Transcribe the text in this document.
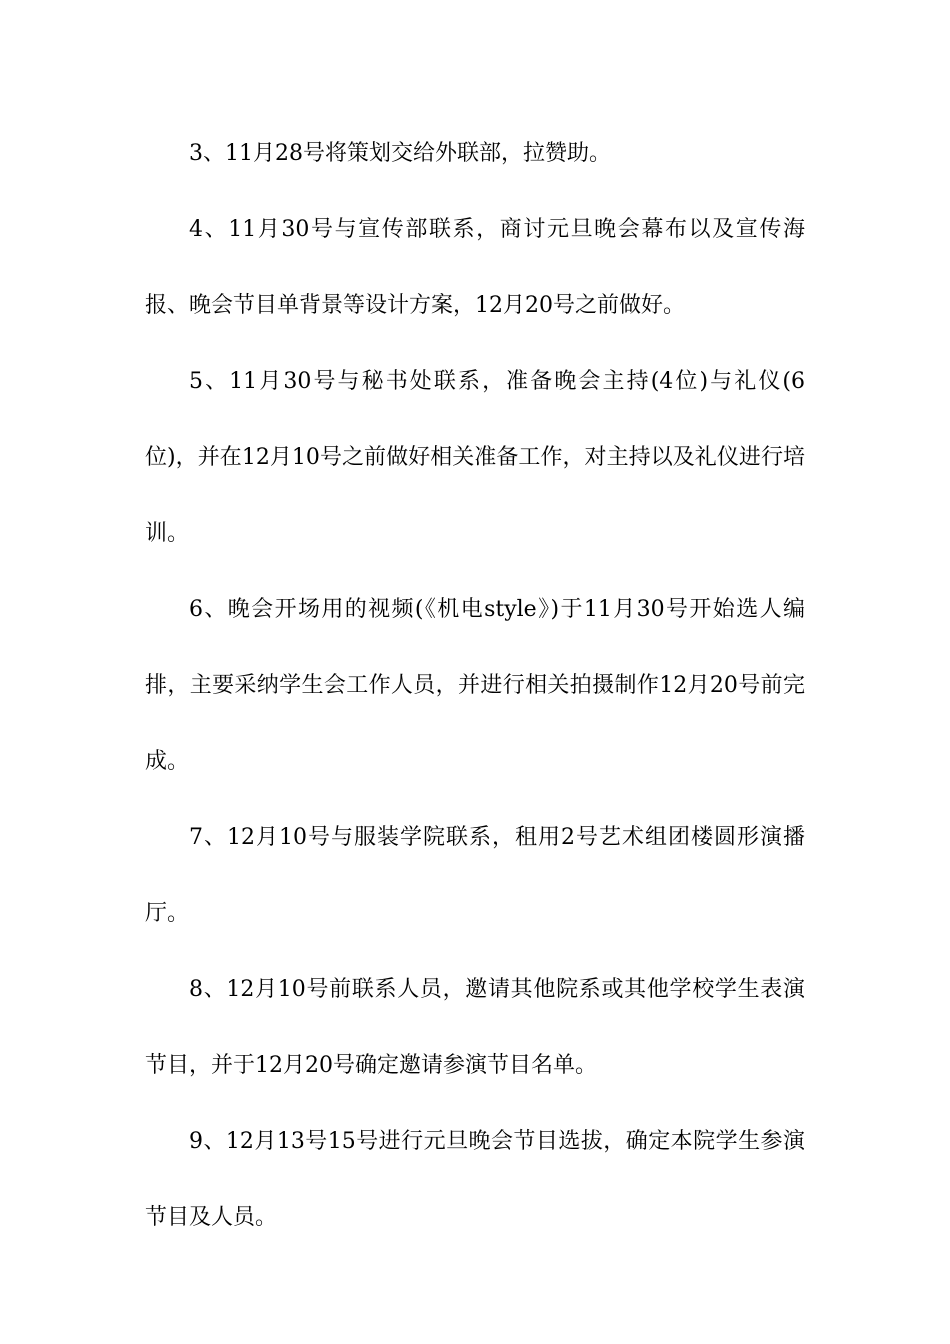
3、11月28号将策划交给外联部，拉赞助。

4、11月30号与宣传部联系，商讨元旦晚会幕布以及宣传海报、晚会节目单背景等设计方案，12月20号之前做好。

5、11月30号与秘书处联系，准备晚会主持(4位)与礼仪(6位)，并在12月10号之前做好相关准备工作，对主持以及礼仪进行培训。

6、晚会开场用的视频(《机电style》)于11月30号开始选人编排，主要采纳学生会工作人员，并进行相关拍摄制作12月20号前完成。

7、12月10号与服装学院联系，租用2号艺术组团楼圆形演播厅。

8、12月10号前联系人员，邀请其他院系或其他学校学生表演节目，并于12月20号确定邀请参演节目名单。

9、12月13号15号进行元旦晚会节目选拔，确定本院学生参演节目及人员。
